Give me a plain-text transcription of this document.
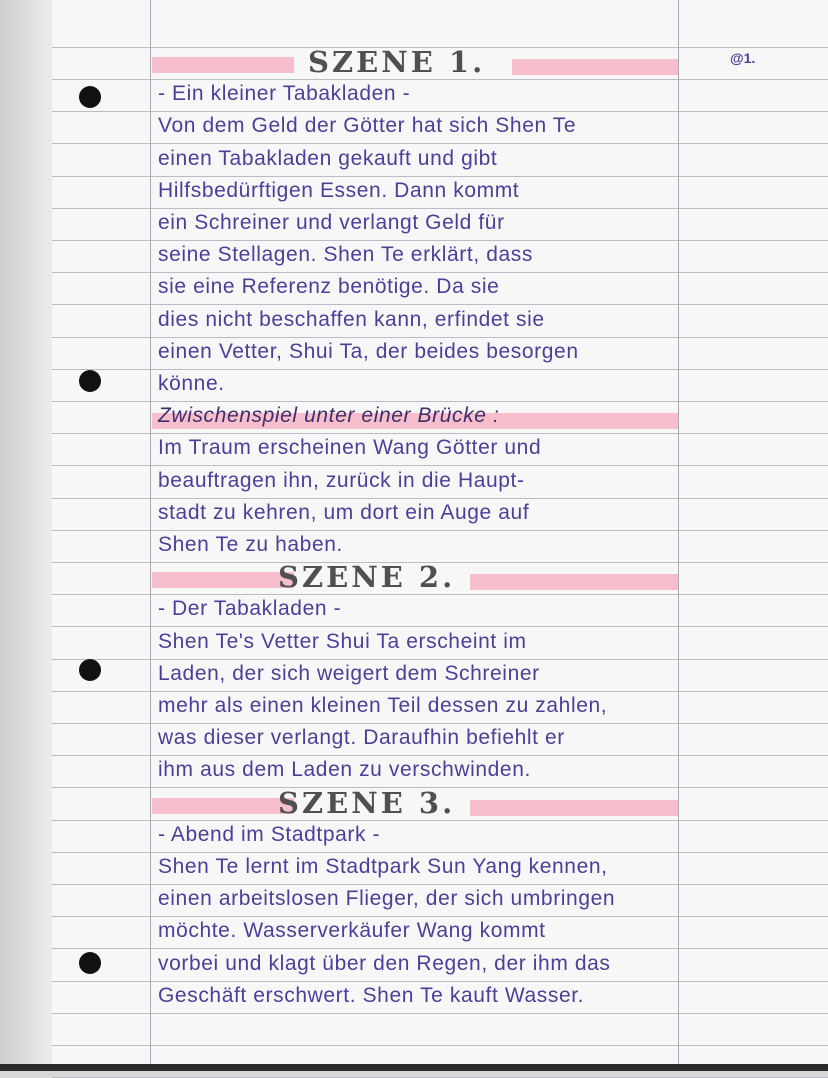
@1.
SZENE 1.
- Ein kleiner Tabakladen -
Von dem Geld der Götter hat sich Shen Te
einen Tabakladen gekauft und gibt
Hilfsbedürftigen Essen. Dann kommt
ein Schreiner und verlangt Geld für
seine Stellagen. Shen Te erklärt, dass
sie eine Referenz benötige. Da sie
dies nicht beschaffen kann, erfindet sie
einen Vetter, Shui Ta, der beides besorgen
könne.
Zwischenspiel unter einer Brücke :
Im Traum erscheinen Wang Götter und
beauftragen ihn, zurück in die Haupt-
stadt zu kehren, um dort ein Auge auf
Shen Te zu haben.
SZENE 2.
- Der Tabakladen -
Shen Te's Vetter Shui Ta erscheint im
Laden, der sich weigert dem Schreiner
mehr als einen kleinen Teil dessen zu zahlen,
was dieser verlangt. Daraufhin befiehlt er
ihm aus dem Laden zu verschwinden.
SZENE 3.
- Abend im Stadtpark -
Shen Te lernt im Stadtpark Sun Yang kennen,
einen arbeitslosen Flieger, der sich umbringen
möchte. Wasserverkäufer Wang kommt
vorbei und klagt über den Regen, der ihm das
Geschäft erschwert. Shen Te kauft Wasser.
